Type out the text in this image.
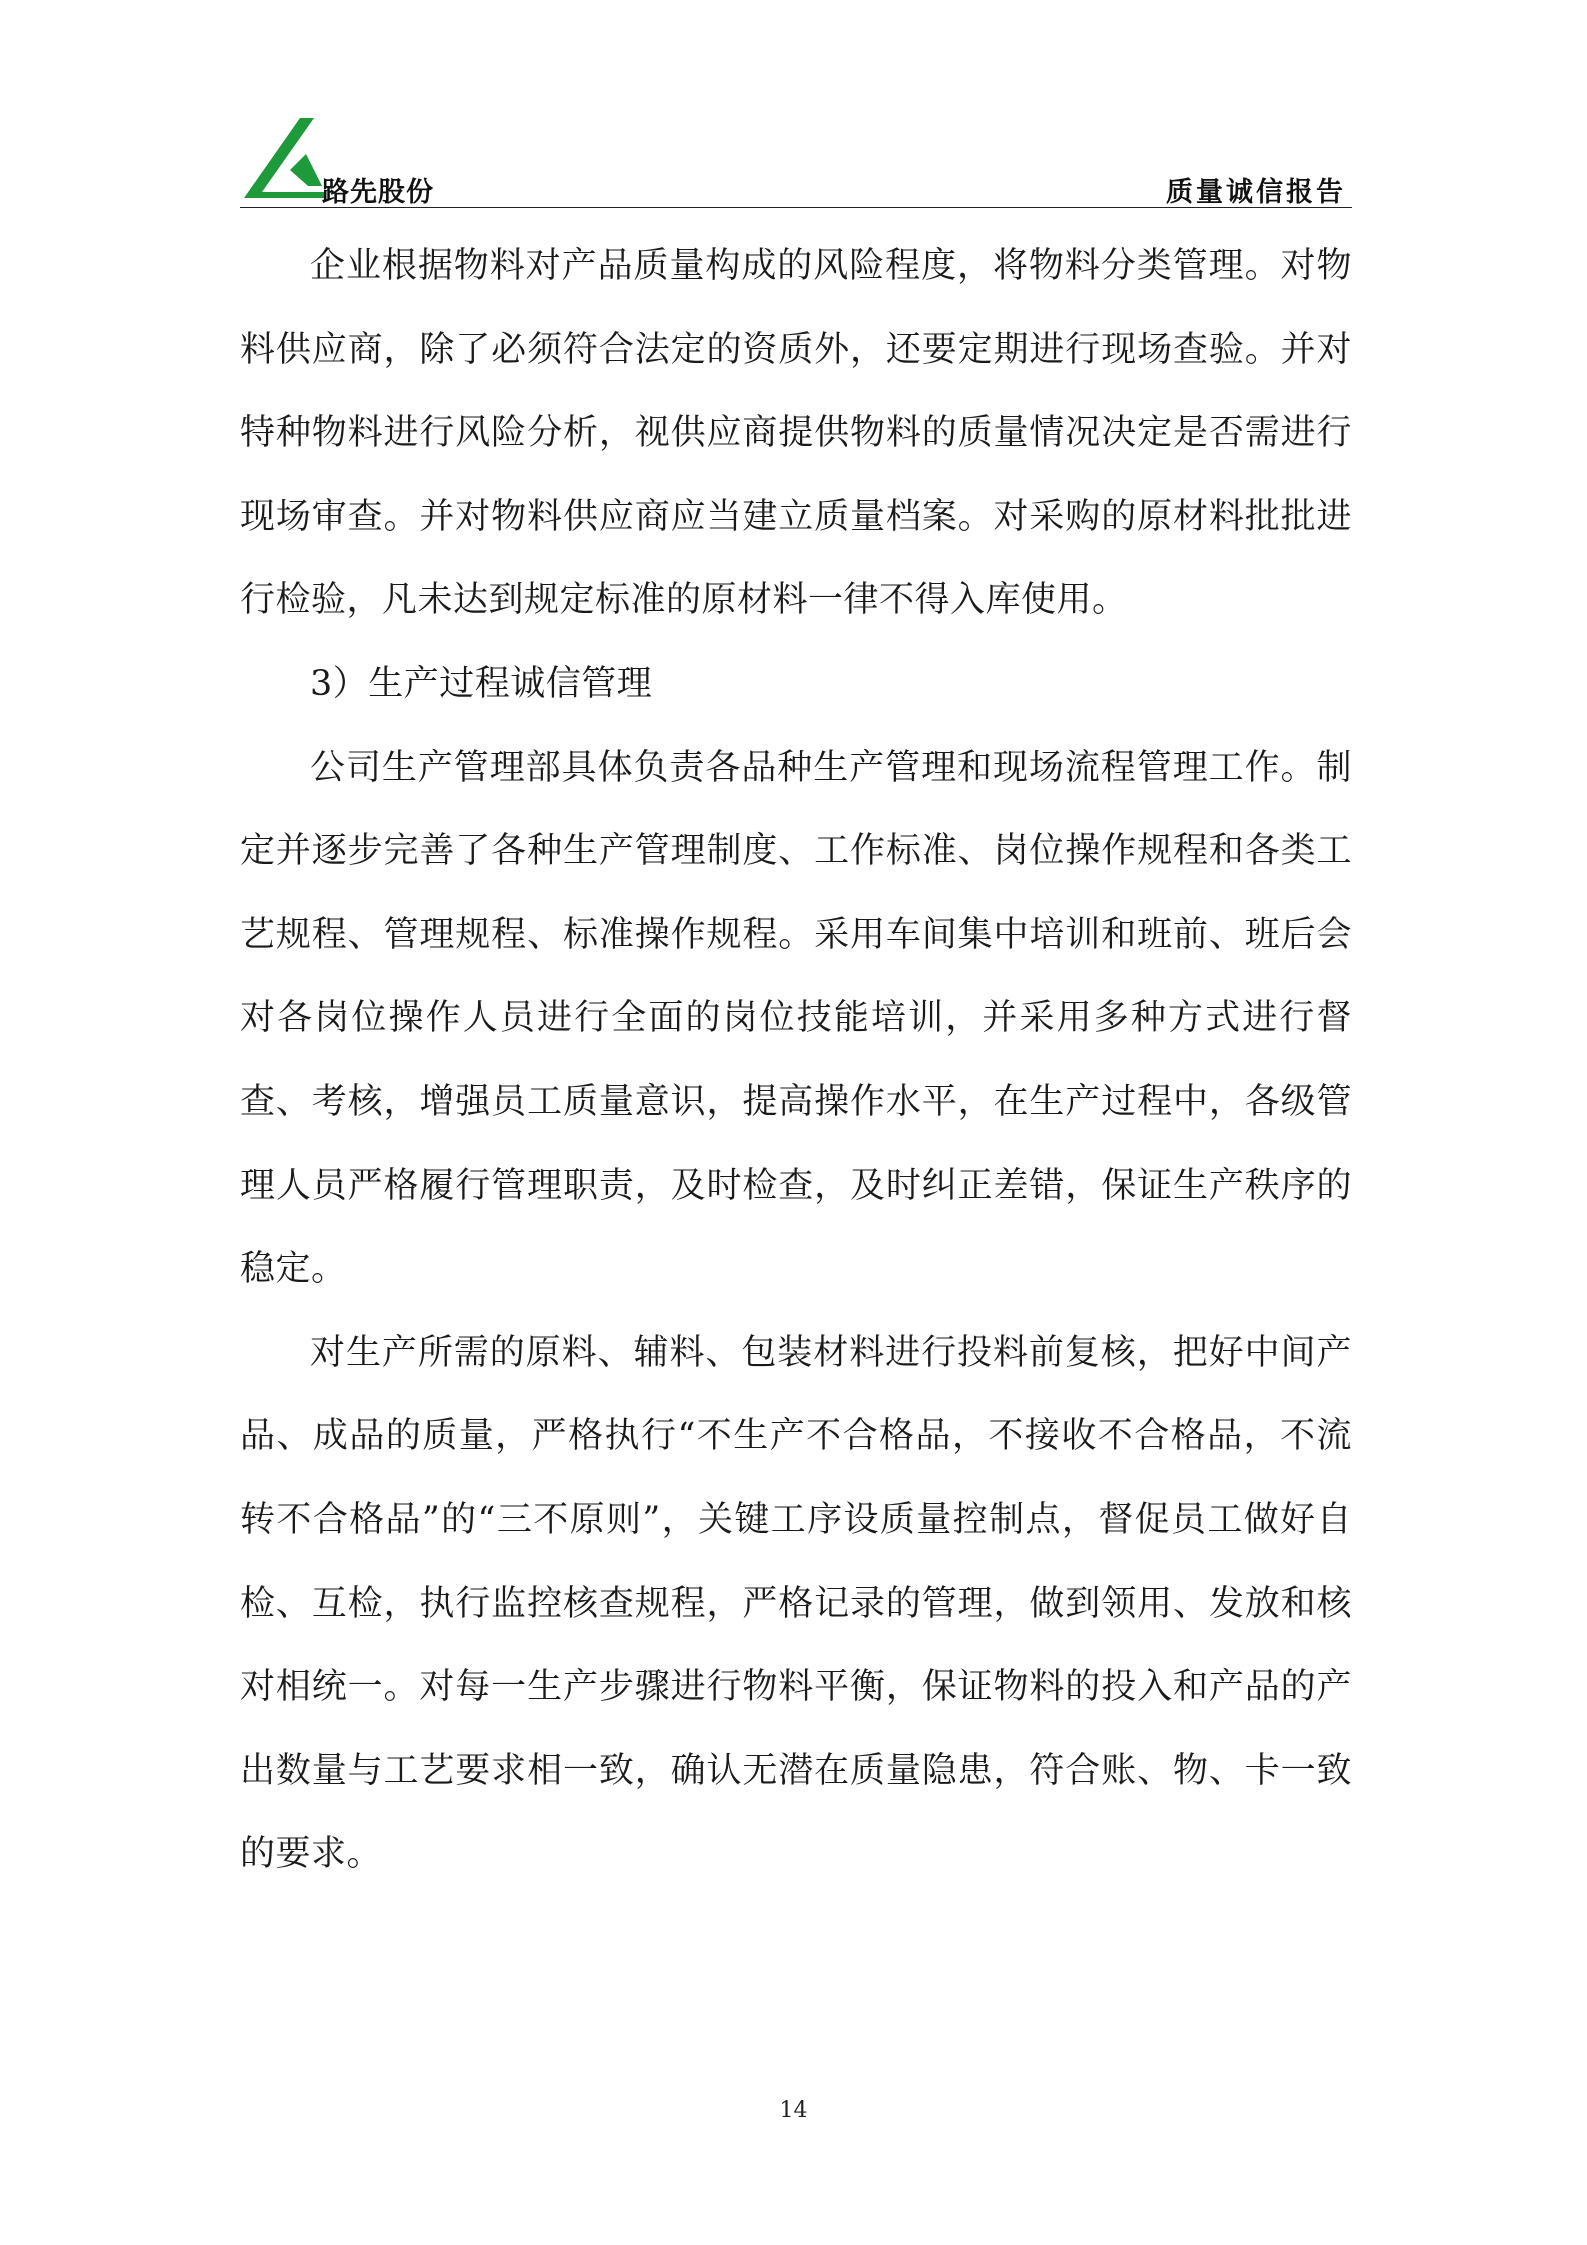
路先股份	质量诚信报告

企业根据物料对产品质量构成的风险程度，将物料分类管理。对物料供应商，除了必须符合法定的资质外，还要定期进行现场查验。并对特种物料进行风险分析，视供应商提供物料的质量情况决定是否需进行现场审查。并对物料供应商应当建立质量档案。对采购的原材料批批进行检验，凡未达到规定标准的原材料一律不得入库使用。

3）生产过程诚信管理

公司生产管理部具体负责各品种生产管理和现场流程管理工作。制定并逐步完善了各种生产管理制度、工作标准、岗位操作规程和各类工艺规程、管理规程、标准操作规程。采用车间集中培训和班前、班后会对各岗位操作人员进行全面的岗位技能培训，并采用多种方式进行督查、考核，增强员工质量意识，提高操作水平，在生产过程中，各级管理人员严格履行管理职责，及时检查，及时纠正差错，保证生产秩序的稳定。

对生产所需的原料、辅料、包装材料进行投料前复核，把好中间产品、成品的质量，严格执行“不生产不合格品，不接收不合格品，不流转不合格品”的“三不原则”，关键工序设质量控制点，督促员工做好自检、互检，执行监控核查规程，严格记录的管理，做到领用、发放和核对相统一。对每一生产步骤进行物料平衡，保证物料的投入和产品的产出数量与工艺要求相一致，确认无潜在质量隐患，符合账、物、卡一致的要求。

14
